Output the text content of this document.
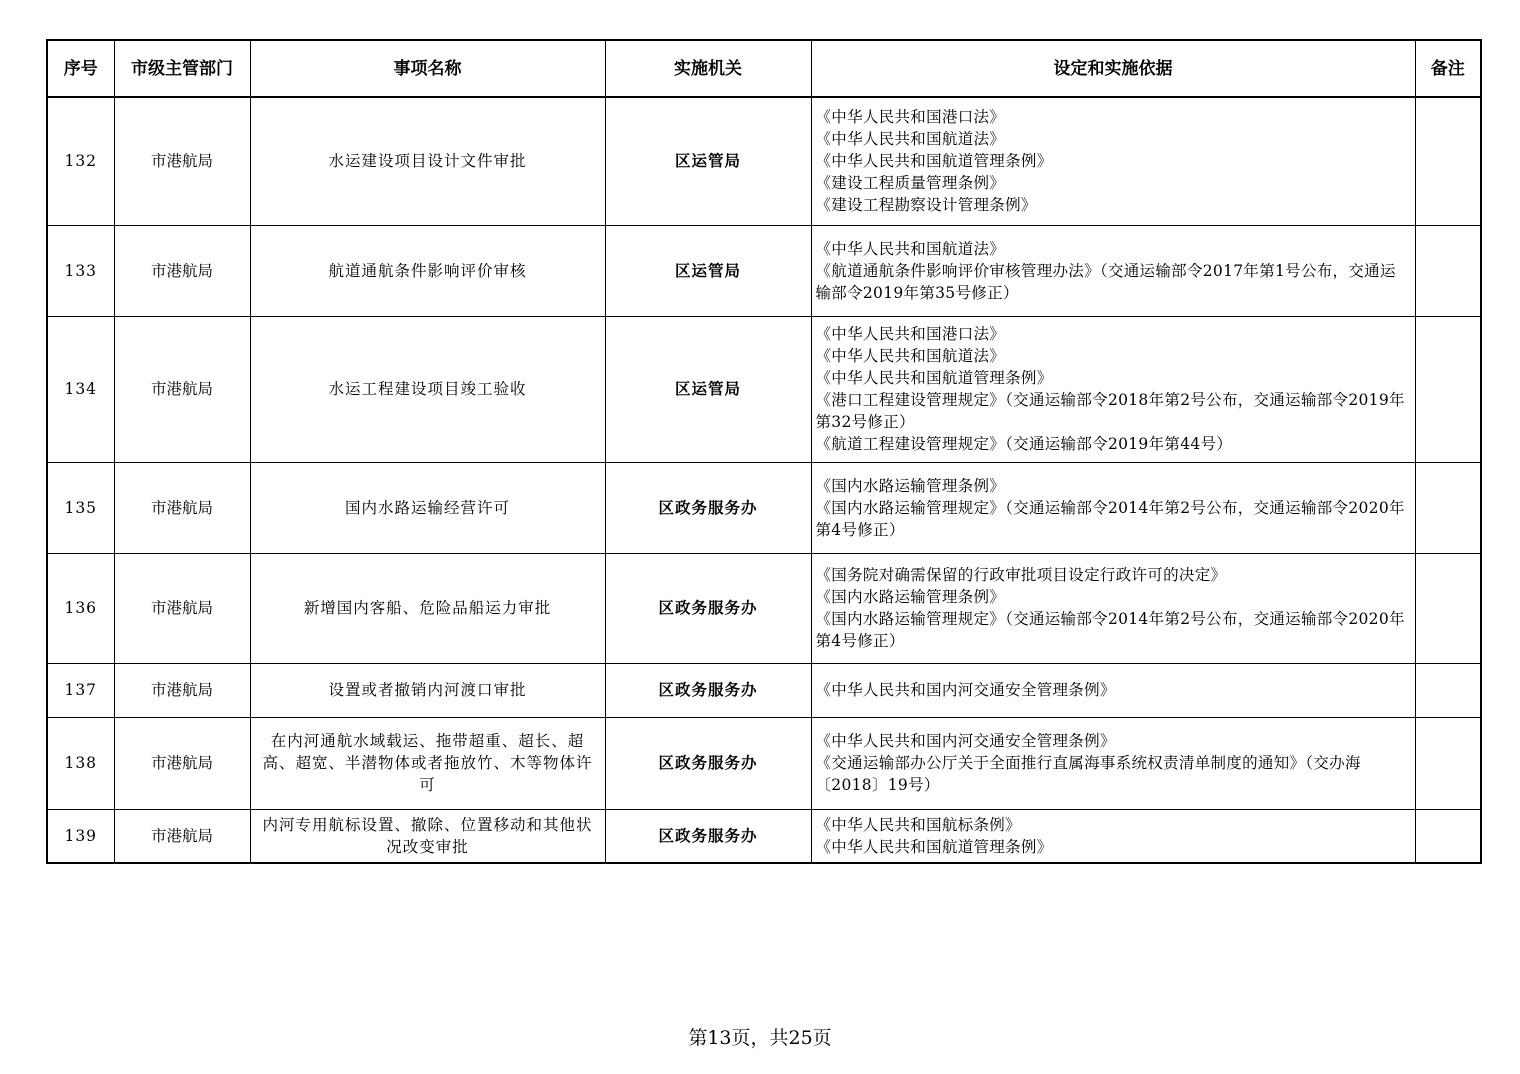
序号	市级主管部门	事项名称	实施机关	设定和实施依据	备注
132	市港航局	水运建设项目设计文件审批	区运管局	《中华人民共和国港口法》
《中华人民共和国航道法》
《中华人民共和国航道管理条例》
《建设工程质量管理条例》
《建设工程勘察设计管理条例》	

133	市港航局	航道通航条件影响评价审核	区运管局	《中华人民共和国航道法》
《航道通航条件影响评价审核管理办法》（交通运输部令2017年第1号公布，交通运输部令2019年第35号修正）	

134	市港航局	水运工程建设项目竣工验收	区运管局	《中华人民共和国港口法》
《中华人民共和国航道法》
《中华人民共和国航道管理条例》
《港口工程建设管理规定》（交通运输部令2018年第2号公布，交通运输部令2019年第32号修正）
《航道工程建设管理规定》（交通运输部令2019年第44号）	

135	市港航局	国内水路运输经营许可	区政务服务办	《国内水路运输管理条例》
《国内水路运输管理规定》（交通运输部令2014年第2号公布，交通运输部令2020年第4号修正）	

136	市港航局	新增国内客船、危险品船运力审批	区政务服务办	《国务院对确需保留的行政审批项目设定行政许可的决定》
《国内水路运输管理条例》
《国内水路运输管理规定》（交通运输部令2014年第2号公布，交通运输部令2020年第4号修正）	

137	市港航局	设置或者撤销内河渡口审批	区政务服务办	《中华人民共和国内河交通安全管理条例》	

138	市港航局	在内河通航水域载运、拖带超重、超长、超高、超宽、半潜物体或者拖放竹、木等物体许可	区政务服务办	《中华人民共和国内河交通安全管理条例》
《交通运输部办公厅关于全面推行直属海事系统权责清单制度的通知》（交办海〔2018〕19号）	

139	市港航局	内河专用航标设置、撤除、位置移动和其他状况改变审批	区政务服务办	《中华人民共和国航标条例》
《中华人民共和国航道管理条例》	

第13页，共25页
